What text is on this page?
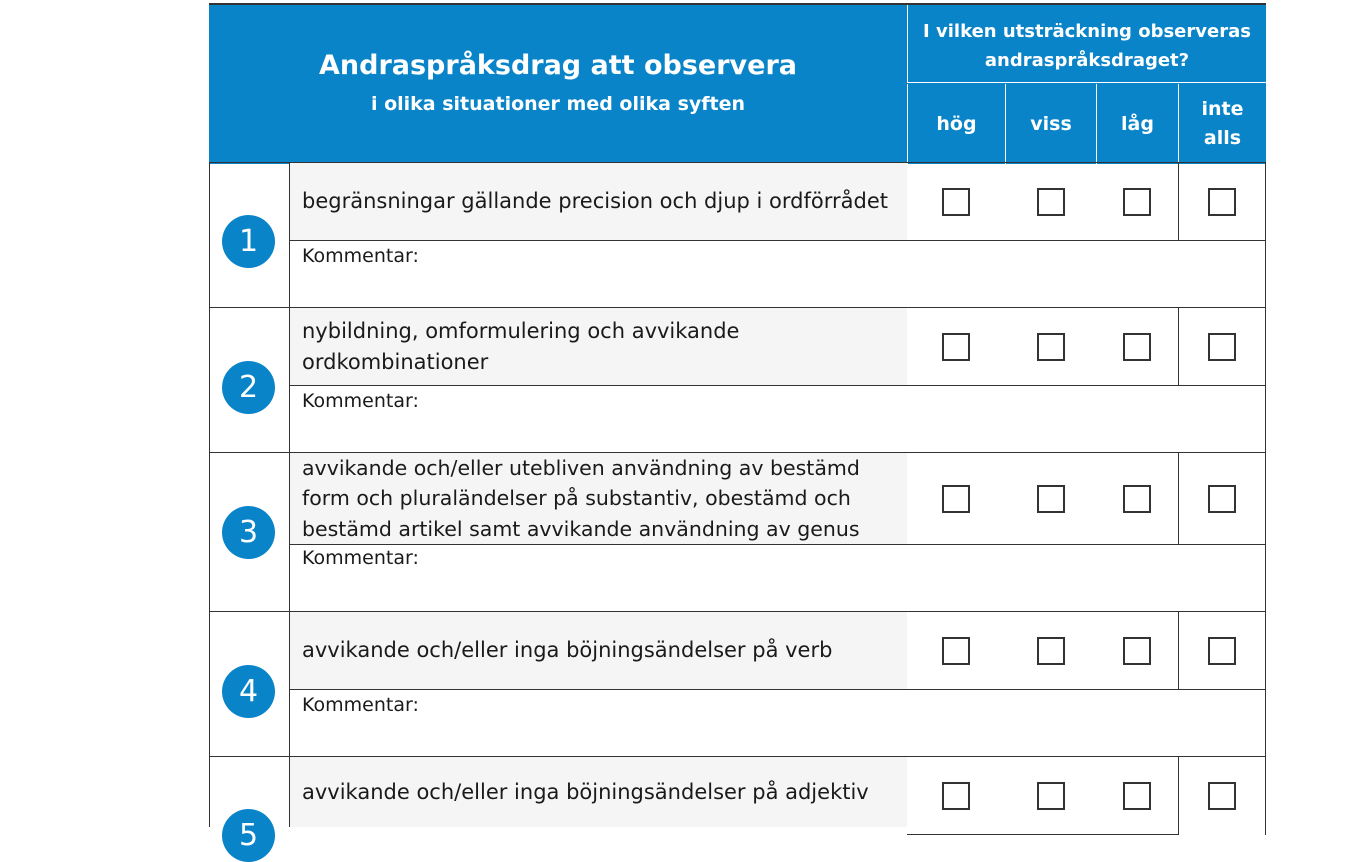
Andraspråksdrag att observera
i olika situationer med olika syften
I vilken utsträckning observeras
andraspråksdraget?
hög	viss	låg
inte
alls
1
begränsningar gällande precision och djup i ordförrådet
Kommentar:
2
nybildning, omformulering och avvikande
ordkombinationer
Kommentar:
3
avvikande och/eller utebliven användning av bestämd
form och pluraländelser på substantiv, obestämd och
bestämd artikel samt avvikande användning av genus
Kommentar:
4
avvikande och/eller inga böjningsändelser på verb
Kommentar:
5
avvikande och/eller inga böjningsändelser på adjektiv
